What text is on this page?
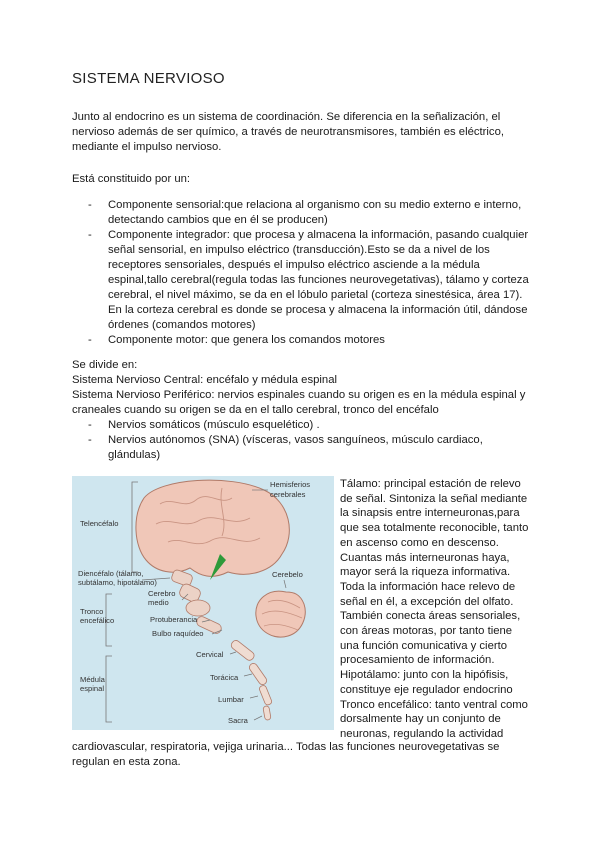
SISTEMA NERVIOSO
Junto al endocrino es un sistema de coordinación. Se diferencia en la señalización, el nervioso además de ser químico, a través de neurotransmisores, también es eléctrico, mediante el impulso nervioso.
Está constituido por un:
- Componente sensorial:que relaciona al organismo con su medio externo e interno, detectando cambios que en él se producen)
- Componente integrador: que procesa y almacena la información, pasando cualquier señal sensorial, en impulso eléctrico (transducción).Esto se da a nivel de los receptores sensoriales, después el impulso eléctrico asciende a la médula espinal,tallo cerebral(regula todas las funciones neurovegetativas), tálamo y corteza cerebral, el nivel máximo, se da en el lóbulo parietal (corteza sinestésica, área 17). En la corteza cerebral es donde se procesa y almacena la información útil, dándose órdenes (comandos motores)
- Componente motor: que genera los comandos motores
Se divide en:
Sistema Nervioso Central: encéfalo y médula espinal
Sistema Nervioso Periférico: nervios espinales cuando su origen es en la médula espinal y craneales cuando su origen se da en el tallo cerebral, tronco del encéfalo
- Nervios somáticos (músculo esquelético) .
- Nervios autónomos (SNA) (vísceras, vasos sanguíneos, músculo cardiaco, glándulas)
Hemisferios
cerebrales
Telencéfalo
Cerebelo
Diencéfalo (tálamo,
subtálamo, hipotálamo)
Cerebro
medio
Tronco
encefálico	Protuberancia
Bulbo raquídeo
Cervical
Torácica
Médula
espinal
Lumbar
Sacra
Tálamo: principal estación de relevo de señal. Sintoniza la señal mediante la sinapsis entre interneuronas,para que sea totalmente reconocible, tanto en ascenso como en descenso. Cuantas más interneuronas haya, mayor será la riqueza informativa. Toda la información hace relevo de señal en él, a excepción del olfato. También conecta áreas sensoriales, con áreas motoras, por tanto tiene una función comunicativa y cierto procesamiento de información. Hipotálamo: junto con la hipófisis, constituye eje regulador endocrino Tronco encefálico: tanto ventral como dorsalmente hay un conjunto de neuronas, regulando la actividad
cardiovascular, respiratoria, vejiga urinaria... Todas las funciones neurovegetativas se regulan en esta zona.
